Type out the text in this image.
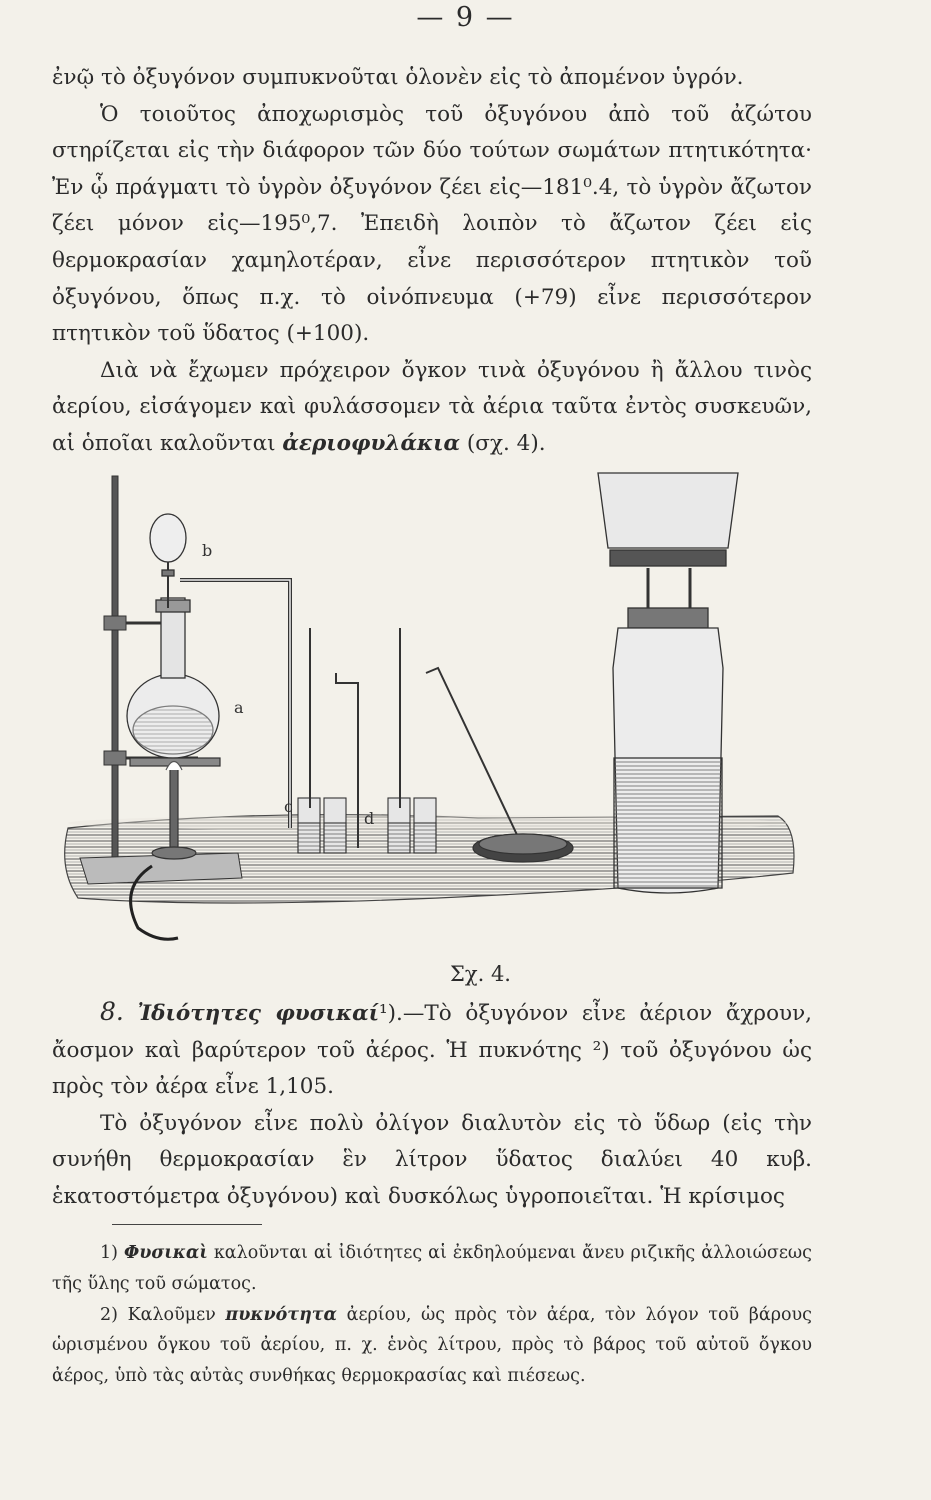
— 9 —

ἐνῷ τὸ ὀξυγόνον συμπυκνοῦται ὁλονὲν εἰς τὸ ἀπομένον ὑγρόν.

Ὁ τοιοῦτος ἀποχωρισμὸς τοῦ ὀξυγόνου ἀπὸ τοῦ ἀζώτου στηρίζεται εἰς τὴν διάφορον τῶν δύο τούτων σωμάτων πτητικότητα· Ἐν ᾧ πράγματι τὸ ὑγρὸν ὀξυγόνον ζέει εἰς—181⁰.4, τὸ ὑγρὸν ἄζωτον ζέει μόνον εἰς—195⁰,7. Ἐπειδὴ λοιπὸν τὸ ἄζωτον ζέει εἰς θερμοκρασίαν χαμηλοτέραν, εἶνε περισσότερον πτητικὸν τοῦ ὀξυγόνου, ὅπως π.χ. τὸ οἰνόπνευμα (+79) εἶνε περισσότερον πτητικὸν τοῦ ὕδατος (+100).

Διὰ νὰ ἔχωμεν πρόχειρον ὄγκον τινὰ ὀξυγόνου ἢ ἄλλου τινὸς ἀερίου, εἰσάγομεν καὶ φυλάσσομεν τὰ ἀέρια ταῦτα ἐντὸς συσκευῶν, αἱ ὁποῖαι καλοῦνται ἀεριοφυλάκια (σχ. 4).

b
a
c
d
Σχ. 4.

8. Ἰδιότητες φυσικαί¹).—Τὸ ὀξυγόνον εἶνε ἀέριον ἄχρουν, ἄοσμον καὶ βαρύτερον τοῦ ἀέρος. Ἡ πυκνότης ²) τοῦ ὀξυγόνου ὡς πρὸς τὸν ἀέρα εἶνε 1,105.

Τὸ ὀξυγόνον εἶνε πολὺ ὀλίγον διαλυτὸν εἰς τὸ ὕδωρ (εἰς τὴν συνήθη θερμοκρασίαν ἓν λίτρον ὕδατος διαλύει 40 κυβ. ἑκατοστόμετρα ὀξυγόνου) καὶ δυσκόλως ὑγροποιεῖται. Ἡ κρίσιμος

1) Φυσικαὶ καλοῦνται αἱ ἰδιότητες αἱ ἐκδηλούμεναι ἄνευ ριζικῆς ἀλλοιώσεως τῆς ὕλης τοῦ σώματος.

2) Καλοῦμεν πυκνότητα ἀερίου, ὡς πρὸς τὸν ἀέρα, τὸν λόγον τοῦ βάρους ὡρισμένου ὄγκου τοῦ ἀερίου, π. χ. ἑνὸς λίτρου, πρὸς τὸ βάρος τοῦ αὐτοῦ ὄγκου ἀέρος, ὑπὸ τὰς αὐτὰς συνθήκας θερμοκρασίας καὶ πιέσεως.
